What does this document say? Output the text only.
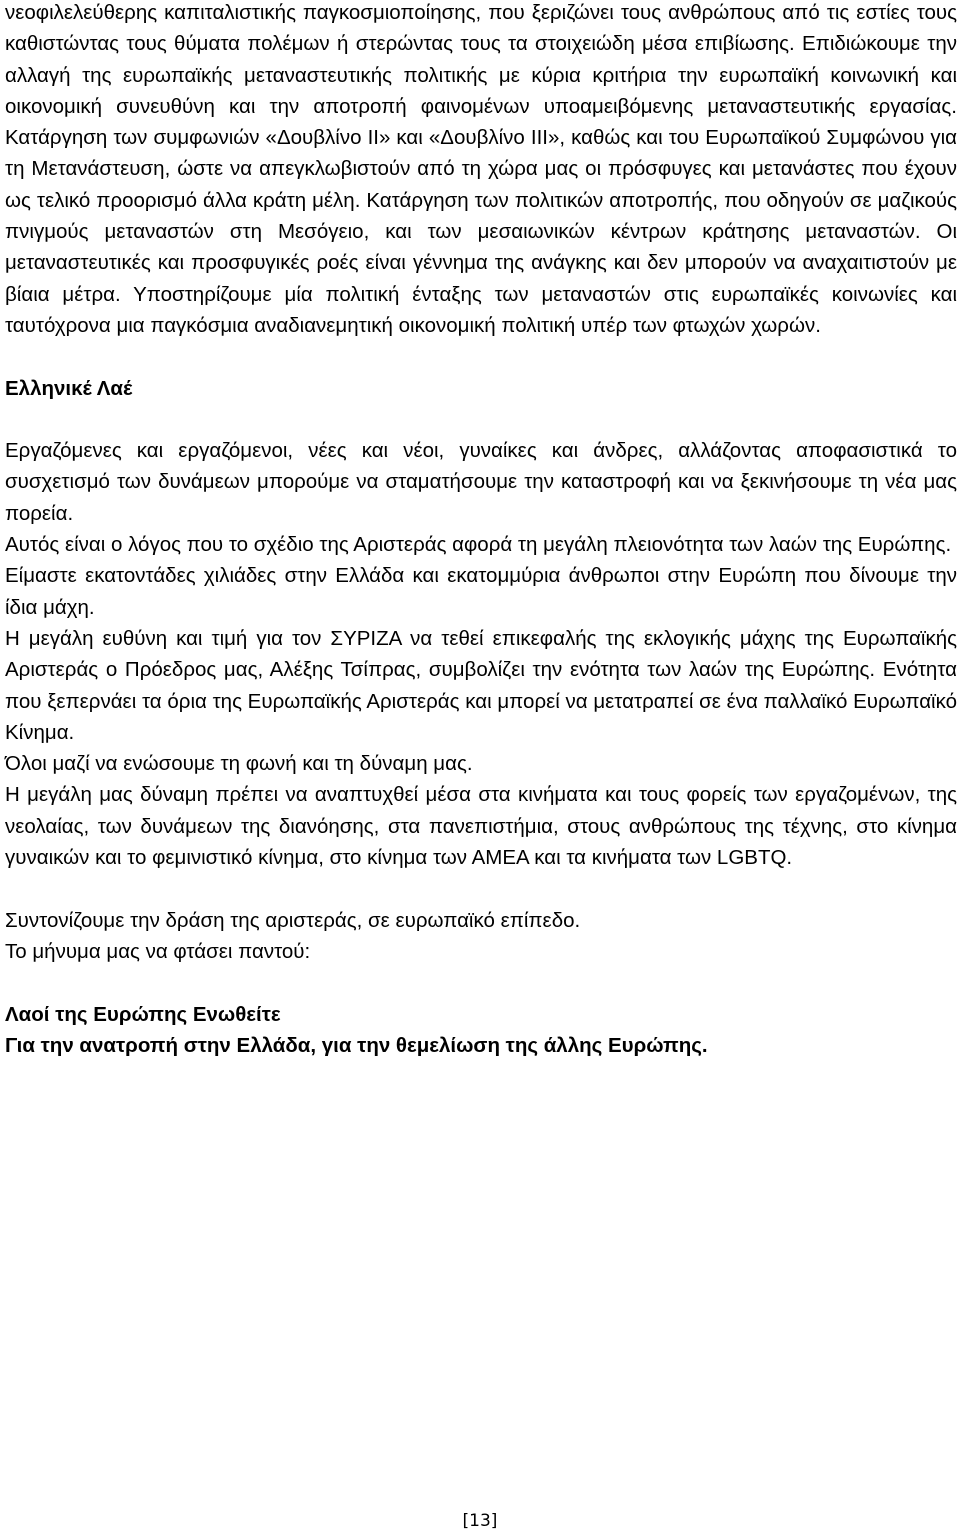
νεοφιλελεύθερης καπιταλιστικής παγκοσμιοποίησης, που ξεριζώνει τους ανθρώπους από τις εστίες τους καθιστώντας τους θύματα πολέμων ή στερώντας τους τα στοιχειώδη μέσα επιβίωσης. Επιδιώκουμε την αλλαγή της ευρωπαϊκής μεταναστευτικής πολιτικής με κύρια κριτήρια την ευρωπαϊκή κοινωνική και οικονομική συνευθύνη και την αποτροπή φαινομένων υποαμειβόμενης μεταναστευτικής εργασίας. Κατάργηση των συμφωνιών «Δουβλίνο ΙΙ» και «Δουβλίνο ΙΙΙ», καθώς και του Ευρωπαϊκού Συμφώνου για τη Μετανάστευση, ώστε να απεγκλωβιστούν από τη χώρα μας οι πρόσφυγες και μετανάστες που έχουν ως τελικό προορισμό άλλα κράτη μέλη. Κατάργηση των πολιτικών αποτροπής, που οδηγούν σε μαζικούς πνιγμούς μεταναστών στη Μεσόγειο, και των μεσαιωνικών κέντρων κράτησης μεταναστών. Οι μεταναστευτικές και προσφυγικές ροές είναι γέννημα της ανάγκης και δεν μπορούν να αναχαιτιστούν με βίαια μέτρα. Υποστηρίζουμε μία πολιτική ένταξης των μεταναστών στις ευρωπαϊκές κοινωνίες και ταυτόχρονα μια παγκόσμια αναδιανεμητική οικονομική πολιτική υπέρ των φτωχών χωρών.

Ελληνικέ Λαέ

Εργαζόμενες και εργαζόμενοι, νέες και νέοι, γυναίκες και άνδρες, αλλάζοντας αποφασιστικά το συσχετισμό των δυνάμεων μπορούμε να σταματήσουμε την καταστροφή και να ξεκινήσουμε τη νέα μας πορεία.

Αυτός είναι ο λόγος που το σχέδιο της Αριστεράς αφορά τη μεγάλη πλειονότητα των λαών της Ευρώπης.

Είμαστε εκατοντάδες χιλιάδες στην Ελλάδα και εκατομμύρια άνθρωποι στην Ευρώπη που δίνουμε την ίδια μάχη.

Η μεγάλη ευθύνη και τιμή για τον ΣΥΡΙΖΑ να τεθεί επικεφαλής της εκλογικής μάχης της Ευρωπαϊκής Αριστεράς ο Πρόεδρος μας, Αλέξης Τσίπρας, συμβολίζει την ενότητα των λαών της Ευρώπης. Ενότητα που ξεπερνάει τα όρια της Ευρωπαϊκής Αριστεράς και μπορεί να μετατραπεί σε ένα παλλαϊκό Ευρωπαϊκό Κίνημα.

Όλοι μαζί να ενώσουμε τη φωνή και τη δύναμη μας.

Η μεγάλη μας δύναμη πρέπει να αναπτυχθεί μέσα στα κινήματα και τους φορείς των εργαζομένων, της νεολαίας, των δυνάμεων της διανόησης, στα πανεπιστήμια, στους ανθρώπους της τέχνης, στο κίνημα γυναικών και το φεμινιστικό κίνημα, στο κίνημα των ΑΜΕΑ και τα κινήματα των LGBTQ.

Συντονίζουμε την δράση της αριστεράς, σε ευρωπαϊκό επίπεδο.

Το μήνυμα μας να φτάσει παντού:

Λαοί της Ευρώπης Ενωθείτε

Για την ανατροπή στην Ελλάδα, για την θεμελίωση της άλλης Ευρώπης.

[13]
